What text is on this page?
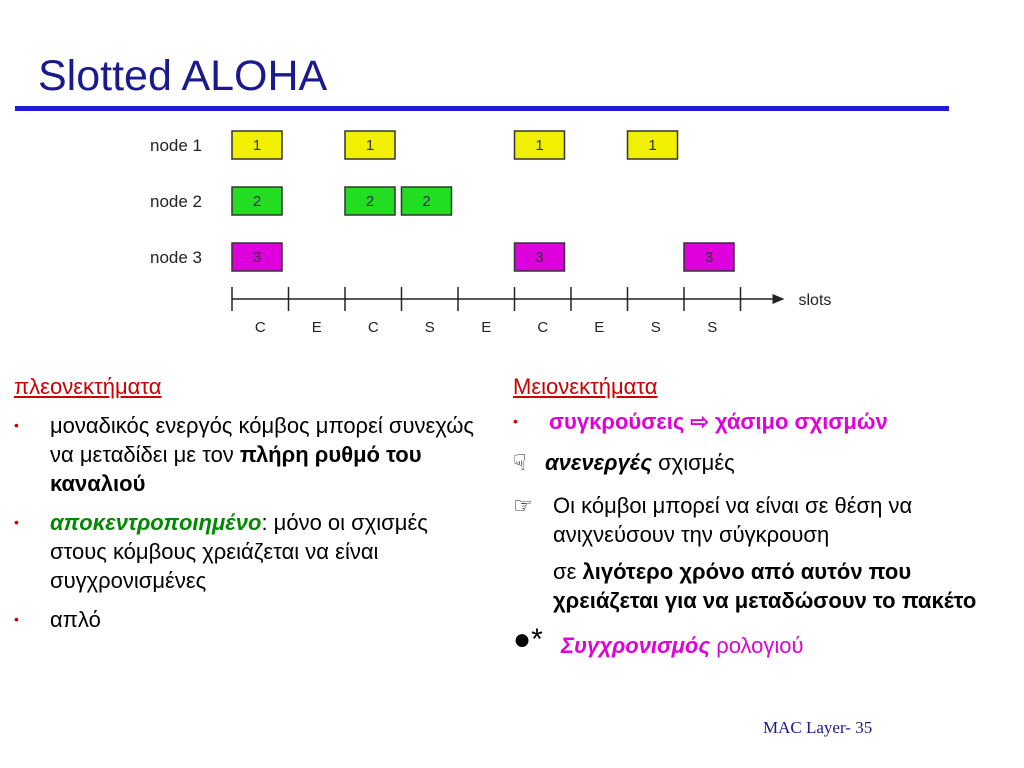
Slotted ALOHA
node 1	1	1	1	1
node 2	2	2	2
node 3	3	3	3
C	E	C	S	E	C	E	S	S
slots
πλεονεκτήματα
• μοναδικός ενεργός κόμβος μπορεί συνεχώς να μεταδίδει με τον πλήρη ρυθμό του καναλιού
• αποκεντροποιημένο: μόνο οι σχισμές στους κόμβους χρειάζεται να είναι συγχρονισμένες
• απλό
Μειονεκτήματα
• συγκρούσεις ⇨ χάσιμο σχισμών
☟ ανενεργές σχισμές
☞ Οι κόμβοι μπορεί να είναι σε θέση να ανιχνεύσουν την σύγκρουση
σε λιγότερο χρόνο από αυτόν που χρειάζεται για να μεταδώσουν το πακέτο
●* Συγχρονισμός ρολογιού
MAC Layer- 35
